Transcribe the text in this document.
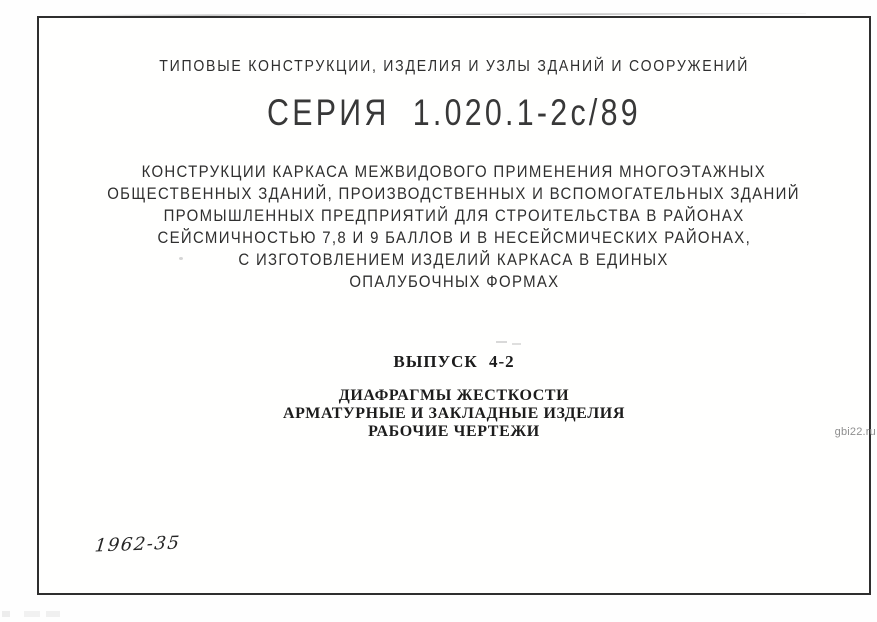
ТИПОВЫЕ КОНСТРУКЦИИ, ИЗДЕЛИЯ И УЗЛЫ ЗДАНИЙ И СООРУЖЕНИЙ
СЕРИЯ 1.020.1-2с/89
КОНСТРУКЦИИ КАРКАСА МЕЖВИДОВОГО ПРИМЕНЕНИЯ МНОГОЭТАЖНЫХ
ОБЩЕСТВЕННЫХ ЗДАНИЙ, ПРОИЗВОДСТВЕННЫХ И ВСПОМОГАТЕЛЬНЫХ ЗДАНИЙ
ПРОМЫШЛЕННЫХ ПРЕДПРИЯТИЙ ДЛЯ СТРОИТЕЛЬСТВА В РАЙОНАХ
СЕЙСМИЧНОСТЬЮ 7,8 И 9 БАЛЛОВ И В НЕСЕЙСМИЧЕСКИХ РАЙОНАХ,
С ИЗГОТОВЛЕНИЕМ ИЗДЕЛИЙ КАРКАСА В ЕДИНЫХ
ОПАЛУБОЧНЫХ ФОРМАХ
ВЫПУСК 4-2
ДИАФРАГМЫ ЖЕСТКОСТИ
АРМАТУРНЫЕ И ЗАКЛАДНЫЕ ИЗДЕЛИЯ
РАБОЧИЕ ЧЕРТЕЖИ
1962-35
gbi22.ru
